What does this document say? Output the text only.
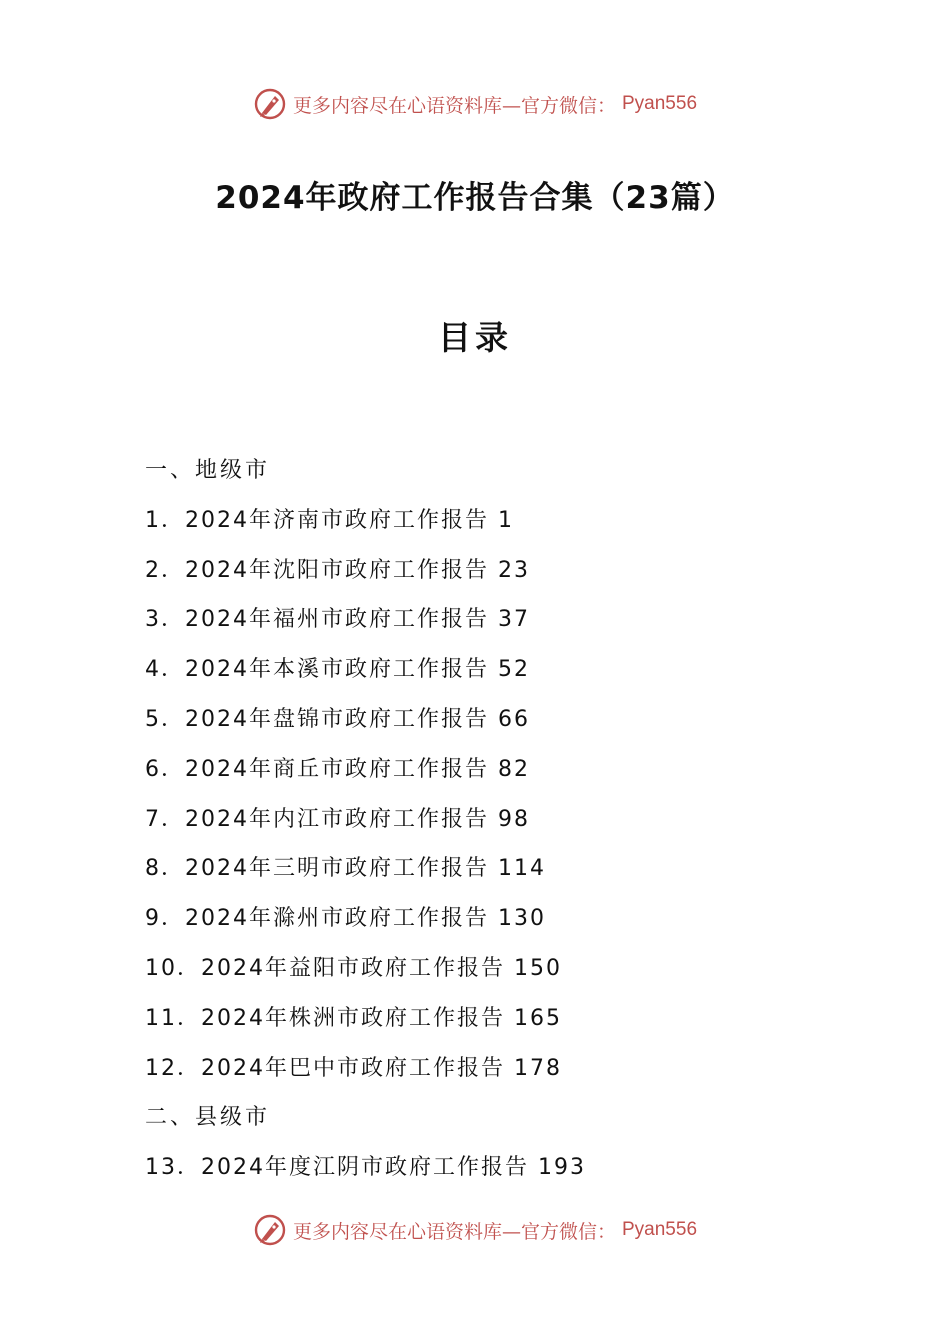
更多内容尽在心语资料库—官方微信： Pyan556
2024年政府工作报告合集（23篇）
目录
一、地级市
1．2024年济南市政府工作报告 1
2．2024年沈阳市政府工作报告 23
3．2024年福州市政府工作报告 37
4．2024年本溪市政府工作报告 52
5．2024年盘锦市政府工作报告 66
6．2024年商丘市政府工作报告 82
7．2024年内江市政府工作报告 98
8．2024年三明市政府工作报告 114
9．2024年滁州市政府工作报告 130
10．2024年益阳市政府工作报告 150
11．2024年株洲市政府工作报告 165
12．2024年巴中市政府工作报告 178
二、县级市
13．2024年度江阴市政府工作报告 193
更多内容尽在心语资料库—官方微信： Pyan556
